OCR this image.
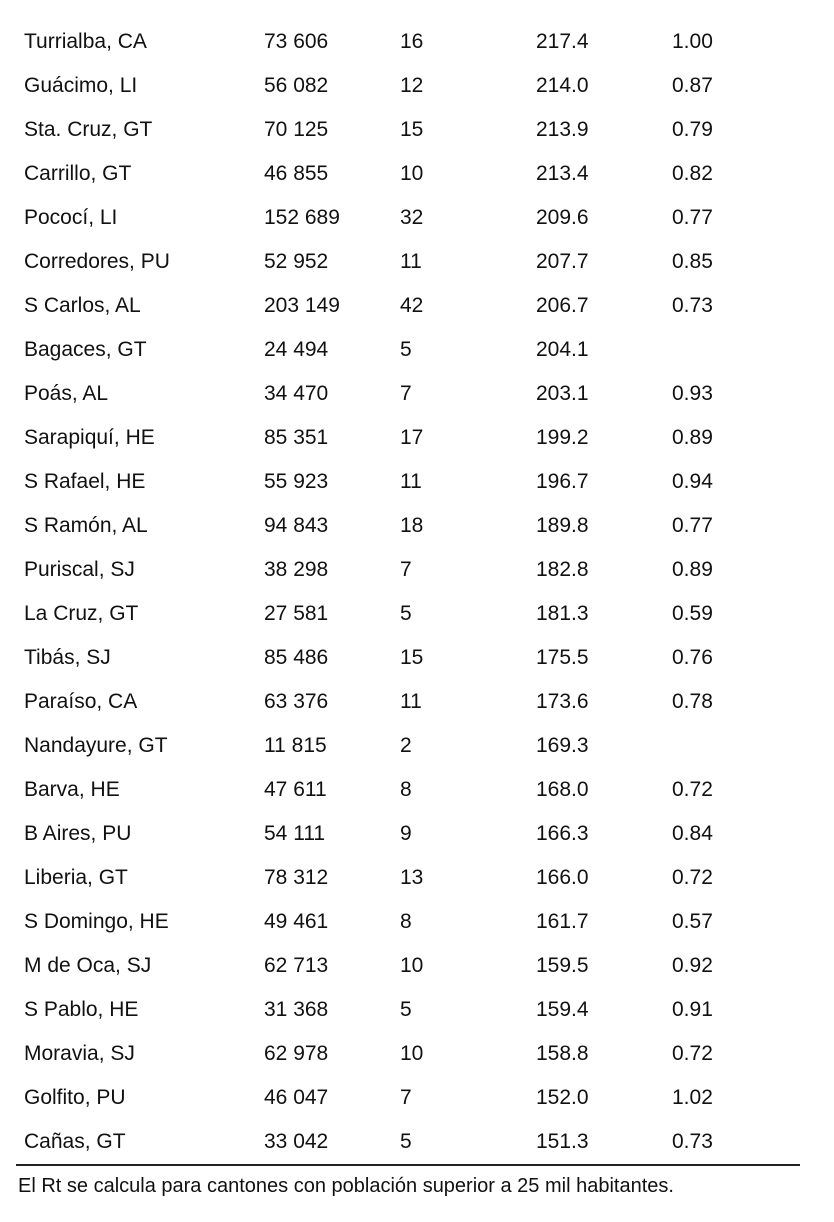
Turrialba, CA	73 606	16	217.4	1.00
Guácimo, LI	56 082	12	214.0	0.87
Sta. Cruz, GT	70 125	15	213.9	0.79
Carrillo, GT	46 855	10	213.4	0.82
Pococí, LI	152 689	32	209.6	0.77
Corredores, PU	52 952	11	207.7	0.85
S Carlos, AL	203 149	42	206.7	0.73
Bagaces, GT	24 494	5	204.1
Poás, AL	34 470	7	203.1	0.93
Sarapiquí, HE	85 351	17	199.2	0.89
S Rafael, HE	55 923	11	196.7	0.94
S Ramón, AL	94 843	18	189.8	0.77
Puriscal, SJ	38 298	7	182.8	0.89
La Cruz, GT	27 581	5	181.3	0.59
Tibás, SJ	85 486	15	175.5	0.76
Paraíso, CA	63 376	11	173.6	0.78
Nandayure, GT	11 815	2	169.3
Barva, HE	47 611	8	168.0	0.72
B Aires, PU	54 111	9	166.3	0.84
Liberia, GT	78 312	13	166.0	0.72
S Domingo, HE	49 461	8	161.7	0.57
M de Oca, SJ	62 713	10	159.5	0.92
S Pablo, HE	31 368	5	159.4	0.91
Moravia, SJ	62 978	10	158.8	0.72
Golfito, PU	46 047	7	152.0	1.02
Cañas, GT	33 042	5	151.3	0.73
El Rt se calcula para cantones con población superior a 25 mil habitantes.
